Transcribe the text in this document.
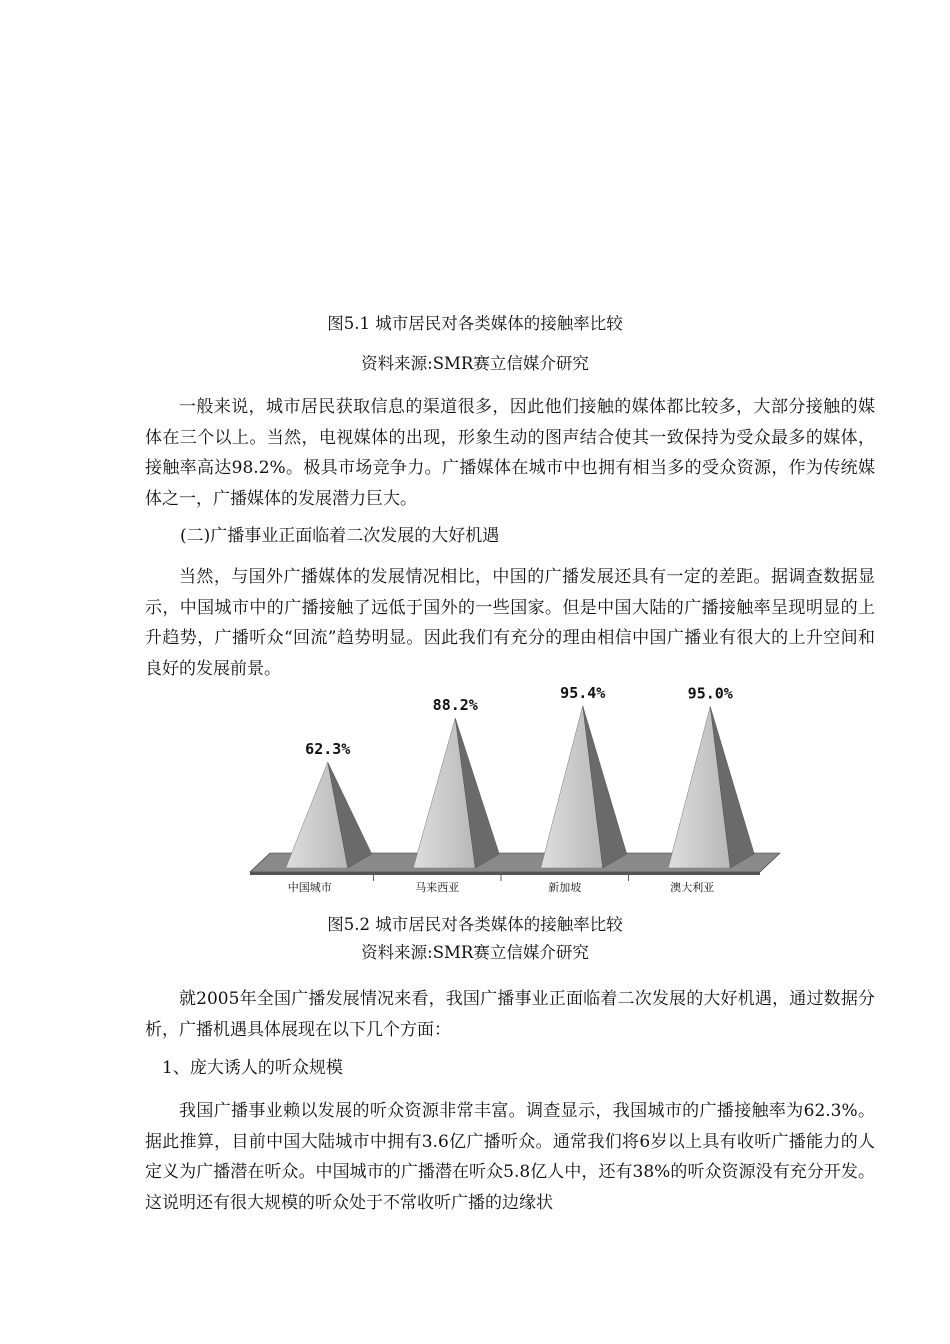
图5.1 城市居民对各类媒体的接触率比较
资料来源:SMR赛立信媒介研究

一般来说，城市居民获取信息的渠道很多，因此他们接触的媒体都比较多，大部分接触的媒体在三个以上。当然，电视媒体的出现，形象生动的图声结合使其一致保持为受众最多的媒体，接触率高达98.2%。极具市场竞争力。广播媒体在城市中也拥有相当多的受众资源，作为传统媒体之一，广播媒体的发展潜力巨大。

(二)广播事业正面临着二次发展的大好机遇

当然，与国外广播媒体的发展情况相比，中国的广播发展还具有一定的差距。据调查数据显示，中国城市中的广播接触了远低于国外的一些国家。但是中国大陆的广播接触率呈现明显的上升趋势，广播听众“回流”趋势明显。因此我们有充分的理由相信中国广播业有很大的上升空间和良好的发展前景。

62.3%
中国城市
88.2%
马来西亚
95.4%
新加坡
95.0%
澳大利亚
图5.2 城市居民对各类媒体的接触率比较
资料来源:SMR赛立信媒介研究

就2005年全国广播发展情况来看，我国广播事业正面临着二次发展的大好机遇，通过数据分析，广播机遇具体展现在以下几个方面：

1、庞大诱人的听众规模

我国广播事业赖以发展的听众资源非常丰富。调查显示，我国城市的广播接触率为62.3%。据此推算，目前中国大陆城市中拥有3.6亿广播听众。通常我们将6岁以上具有收听广播能力的人定义为广播潜在听众。中国城市的广播潜在听众5.8亿人中，还有38%的听众资源没有充分开发。这说明还有很大规模的听众处于不常收听广播的边缘状
